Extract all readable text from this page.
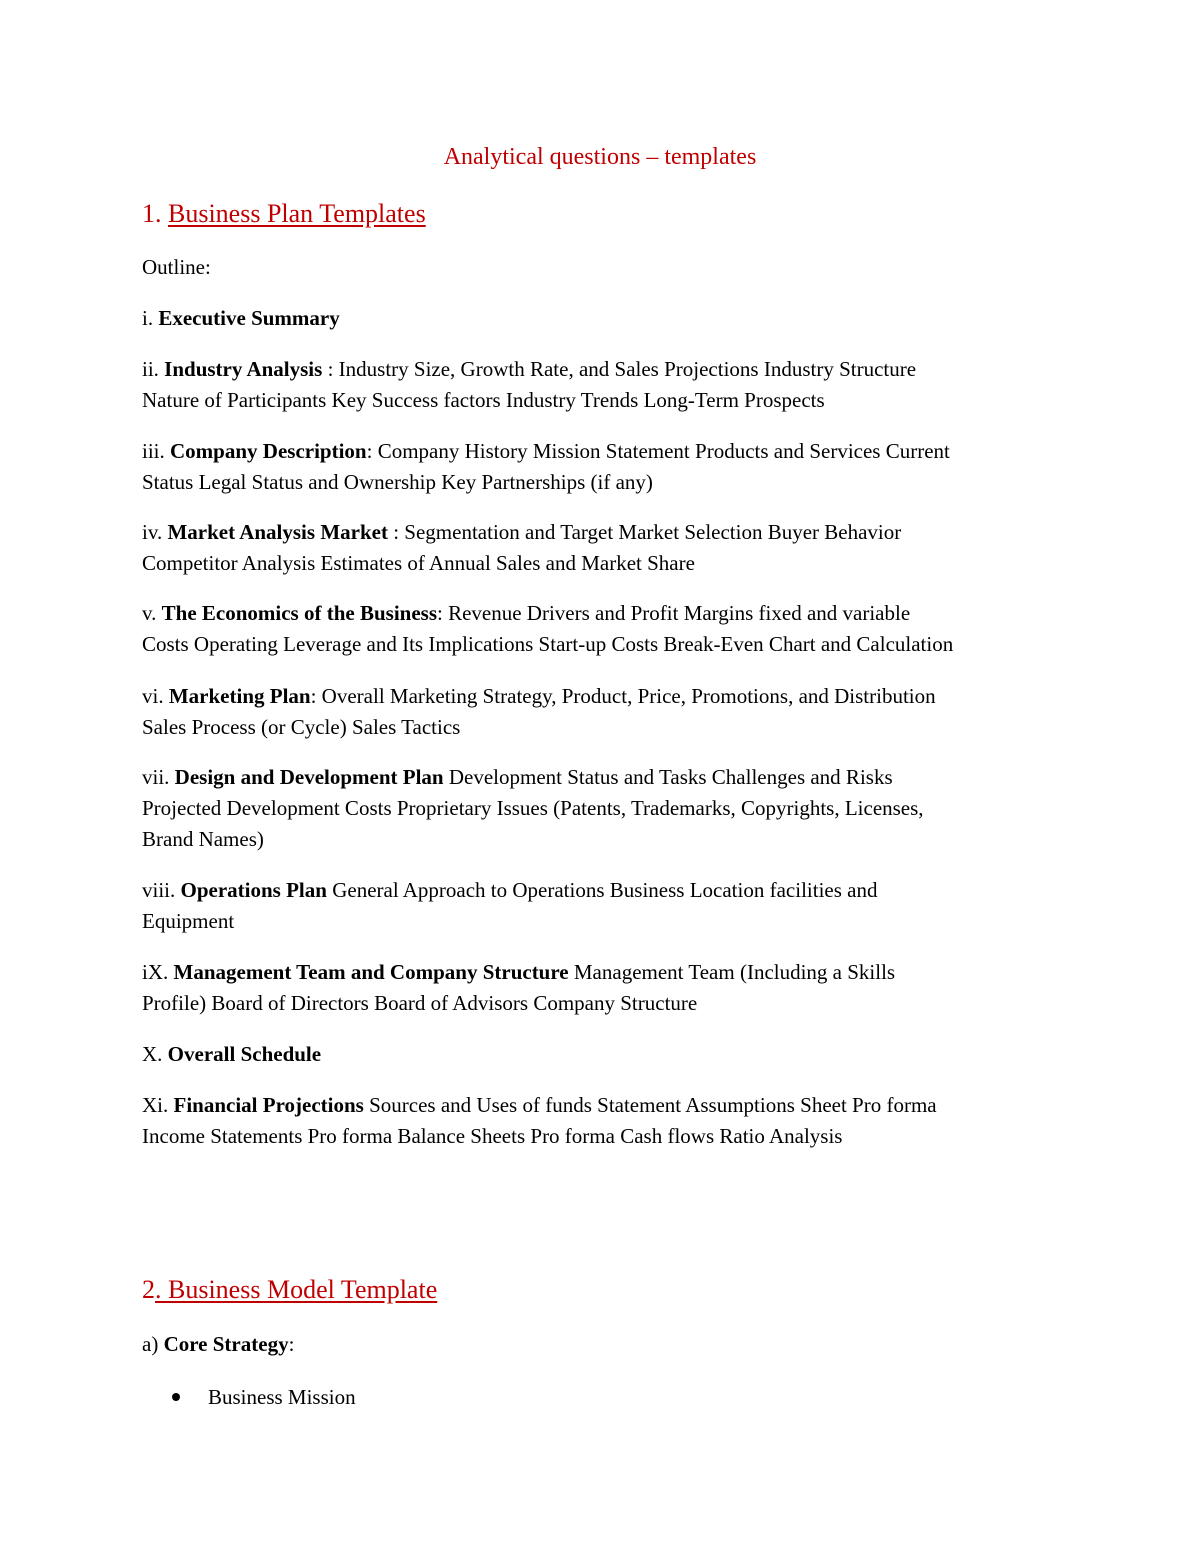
Analytical questions – templates
1. Business Plan Templates
Outline:
i. Executive Summary
ii. Industry Analysis : Industry Size, Growth Rate, and Sales Projections Industry Structure
Nature of Participants Key Success factors Industry Trends Long-Term Prospects
iii. Company Description: Company History Mission Statement Products and Services Current
Status Legal Status and Ownership Key Partnerships (if any)
iv. Market Analysis Market : Segmentation and Target Market Selection Buyer Behavior
Competitor Analysis Estimates of Annual Sales and Market Share
v. The Economics of the Business: Revenue Drivers and Profit Margins fixed and variable
Costs Operating Leverage and Its Implications Start-up Costs Break-Even Chart and Calculation
vi. Marketing Plan: Overall Marketing Strategy, Product, Price, Promotions, and Distribution
Sales Process (or Cycle) Sales Tactics
vii. Design and Development Plan Development Status and Tasks Challenges and Risks
Projected Development Costs Proprietary Issues (Patents, Trademarks, Copyrights, Licenses,
Brand Names)
viii. Operations Plan General Approach to Operations Business Location facilities and
Equipment
iX. Management Team and Company Structure Management Team (Including a Skills
Profile) Board of Directors Board of Advisors Company Structure
X. Overall Schedule
Xi. Financial Projections Sources and Uses of funds Statement Assumptions Sheet Pro forma
Income Statements Pro forma Balance Sheets Pro forma Cash flows Ratio Analysis
2. Business Model Template
a) Core Strategy:
Business Mission
